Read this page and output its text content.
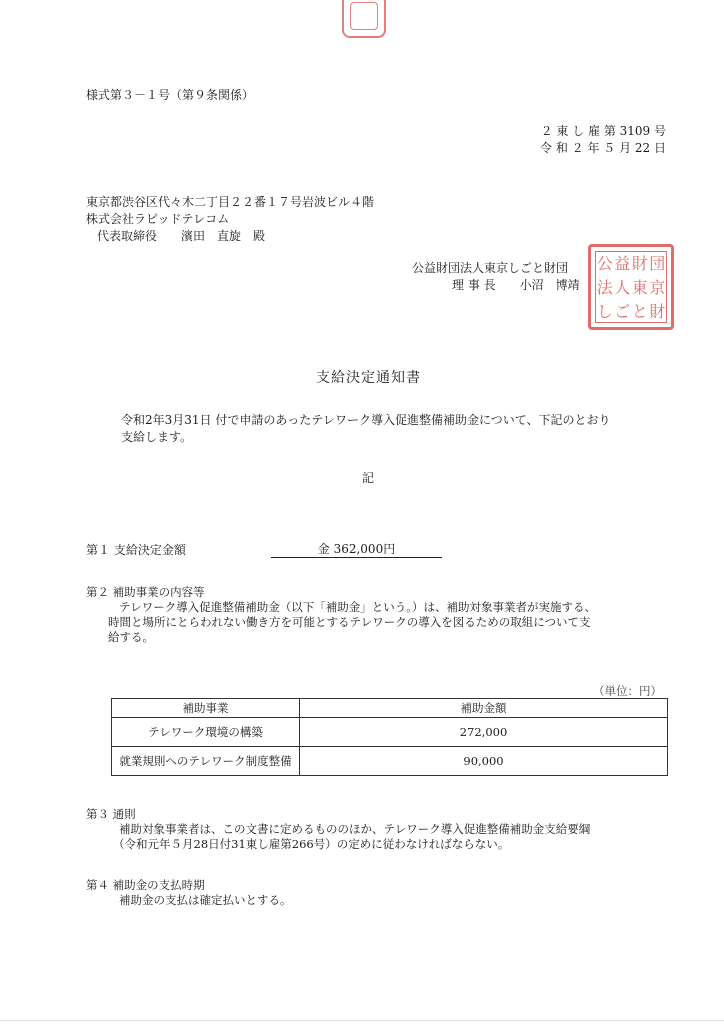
様式第３－１号（第９条関係）
２ 東 し 雇 第 3109 号
令 和 ２ 年 ５ 月 22 日
東京都渋谷区代々木二丁目２２番１７号岩波ビル４階
株式会社ラピッドテレコム
代表取締役　　濱田　直旋　殿
公益財団法人東京しごと財団
理 事 長　　小沼　博靖
公 益 財 団
法 人 東 京
し ご と 財
支給決定通知書
令和2年3月31日 付で申請のあったテレワーク導入促進整備補助金について、下記のとおり
支給します。
記
第１ 支給決定金額	金 362,000円
第２ 補助事業の内容等
テレワーク導入促進整備補助金（以下「補助金」という。）は、補助対象事業者が実施する、
時間と場所にとらわれない働き方を可能とするテレワークの導入を図るための取組について支
給する。
（単位：円）
補助事業	補助金額
テレワーク環境の構築	272,000
就業規則へのテレワーク制度整備	90,000
第３ 通則
補助対象事業者は、この文書に定めるもののほか、テレワーク導入促進整備補助金支給要綱
（令和元年５月28日付31東し雇第266号）の定めに従わなければならない。
第４ 補助金の支払時期
補助金の支払は確定払いとする。
